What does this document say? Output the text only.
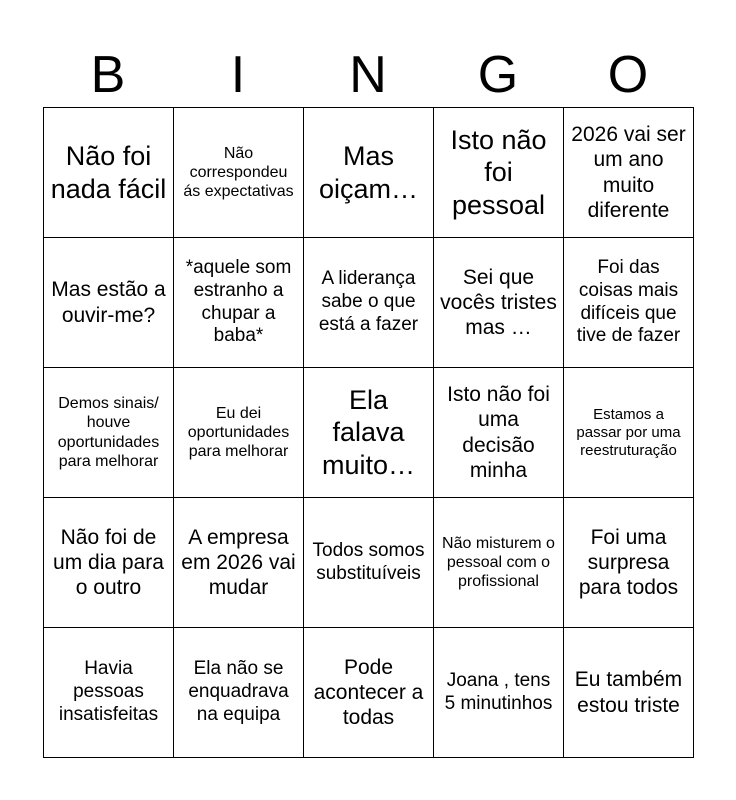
B	I	N	G	O
Não foi nada fácil	Não correspondeu ás expectativas	Mas oiçam…	Isto não foi pessoal	2026 vai ser um ano muito diferente
Mas estão a ouvir-me?	*aquele som estranho a chupar a baba*	A liderança sabe o que está a fazer	Sei que vocês tristes mas …	Foi das coisas mais difíceis que tive de fazer
Demos sinais/ houve oportunidades para melhorar	Eu dei oportunidades para melhorar	Ela falava muito…	Isto não foi uma decisão minha	Estamos a passar por uma reestruturação
Não foi de um dia para o outro	A empresa em 2026 vai mudar	Todos somos substituíveis	Não misturem o pessoal com o profissional	Foi uma surpresa para todos
Havia pessoas insatisfeitas	Ela não se enquadrava na equipa	Pode acontecer a todas	Joana , tens 5 minutinhos	Eu também estou triste
